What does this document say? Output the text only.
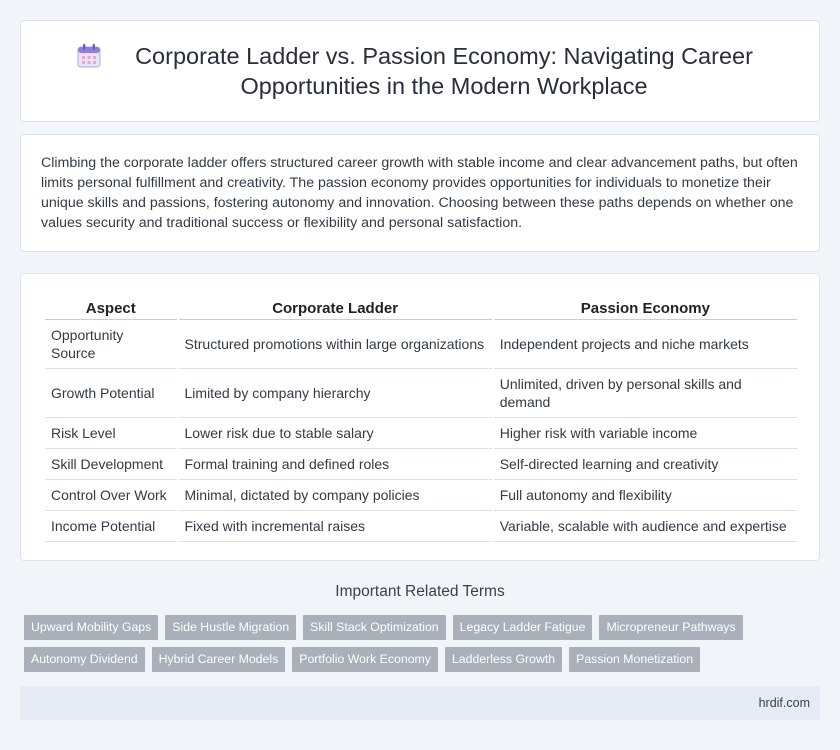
Corporate Ladder vs. Passion Economy: Navigating Career Opportunities in the Modern Workplace

Climbing the corporate ladder offers structured career growth with stable income and clear advancement paths, but often limits personal fulfillment and creativity. The passion economy provides opportunities for individuals to monetize their unique skills and passions, fostering autonomy and innovation. Choosing between these paths depends on whether one values security and traditional success or flexibility and personal satisfaction.

Aspect	Corporate Ladder	Passion Economy
Opportunity Source	Structured promotions within large organizations	Independent projects and niche markets
Growth Potential	Limited by company hierarchy	Unlimited, driven by personal skills and demand
Risk Level	Lower risk due to stable salary	Higher risk with variable income
Skill Development	Formal training and defined roles	Self-directed learning and creativity
Control Over Work	Minimal, dictated by company policies	Full autonomy and flexibility
Income Potential	Fixed with incremental raises	Variable, scalable with audience and expertise
Important Related Terms
Upward Mobility Gaps	Side Hustle Migration	Skill Stack Optimization	Legacy Ladder Fatigue	Micropreneur Pathways
Autonomy Dividend	Hybrid Career Models	Portfolio Work Economy	Ladderless Growth	Passion Monetization
hrdif.com
